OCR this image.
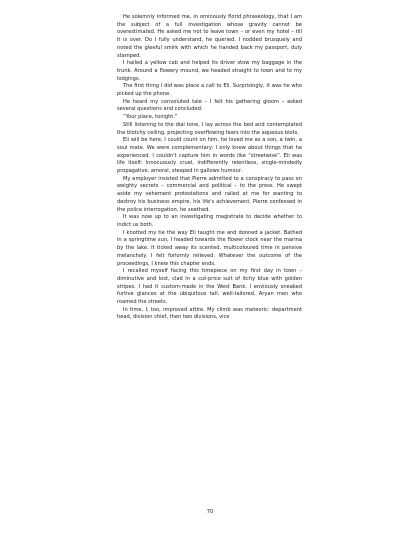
He solemnly informed me, in ominously florid phraseology, that I am the subject of a full investigation whose gravity cannot be overestimated. He asked me not to leave town – or even my hotel – till it is over. Do I fully understand, he queried. I nodded brusquely and noted the gleeful smirk with which he handed back my passport, duly stamped.

I hailed a yellow cab and helped its driver stow my baggage in the trunk. Around a flowery mound, we headed straight to town and to my lodgings.

The first thing I did was place a call to Eli. Surprisingly, it was he who picked up the phone.

He heard my convoluted tale – I felt his gathering gloom – asked several questions and concluded:

“Your place, tonight.”

Still listening to the dial tone, I lay across the bed and contemplated the blotchy ceiling, projecting overflowing fears into the aqueous blots.

Eli will be here, I could count on him, he loved me as a son, a twin, a soul mate. We were complementary: I only knew about things that he experienced. I couldn't capture him in words like “streetwise”. Eli was life itself: innocuously cruel, indifferently relentless, single-mindedly propagative, amoral, steeped in gallows humour.

My employer insisted that Pierre admitted to a conspiracy to pass on weighty secrets – commercial and political – to the press. He swept aside my vehement protestations and railed at me for wanting to destroy his business empire, his life's achievement. Pierre confessed in the police interrogation, he seethed.

It was now up to an investigating magistrate to decide whether to indict us both.

I knotted my tie the way Eli taught me and donned a jacket. Bathed in a springtime sun, I headed towards the flower clock near the marina by the lake. It ticked away its scented, multicoloured time in pensive melancholy. I felt forlornly relieved. Whatever the outcome of the proceedings, I knew this chapter ends.

I recalled myself facing this timepiece on my first day in town – diminutive and lost, clad in a cut-price suit of itchy blue with golden stripes. I had it custom-made in the West Bank. I enviously sneaked furtive glances at the ubiquitous tall, well-tailored, Aryan men who roamed the streets.

In time, I, too, improved attire. My climb was meteoric: department head, division chief, then two divisions, vice

70
